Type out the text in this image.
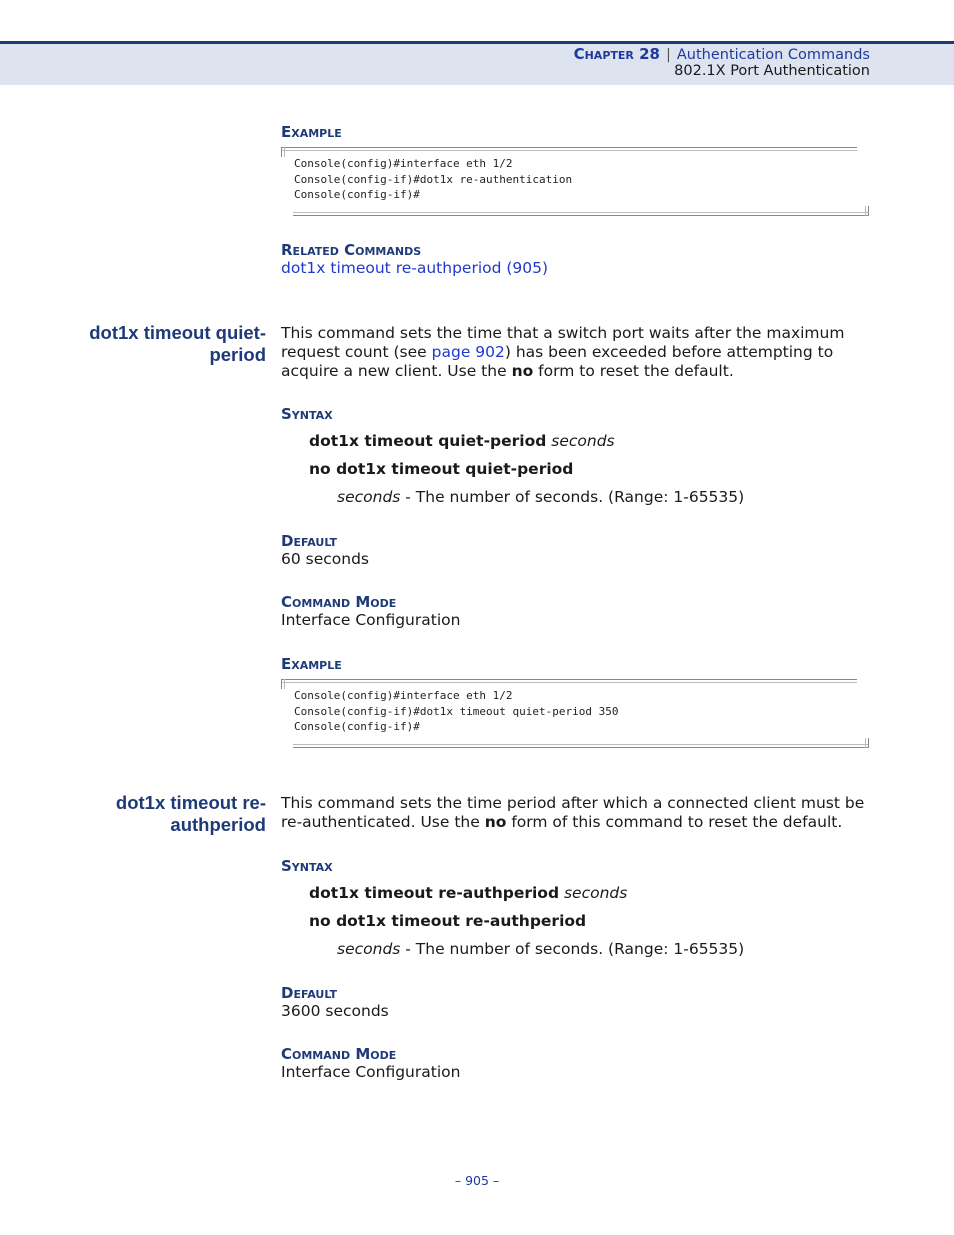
Chapter 28 | Authentication Commands
802.1X Port Authentication
Example
Console(config)#interface eth 1/2
Console(config-if)#dot1x re-authentication
Console(config-if)#
Related Commands
dot1x timeout re-authperiod (905)
dot1x timeout quiet-
period
This command sets the time that a switch port waits after the maximum request count (see page 902) has been exceeded before attempting to acquire a new client. Use the no form to reset the default.
Syntax
dot1x timeout quiet-period seconds
no dot1x timeout quiet-period
seconds - The number of seconds. (Range: 1-65535)
Default
60 seconds
Command Mode
Interface Configuration
Example
Console(config)#interface eth 1/2
Console(config-if)#dot1x timeout quiet-period 350
Console(config-if)#
dot1x timeout re-
authperiod
This command sets the time period after which a connected client must be re-authenticated. Use the no form of this command to reset the default.
Syntax
dot1x timeout re-authperiod seconds
no dot1x timeout re-authperiod
seconds - The number of seconds. (Range: 1-65535)
Default
3600 seconds
Command Mode
Interface Configuration
– 905 –
